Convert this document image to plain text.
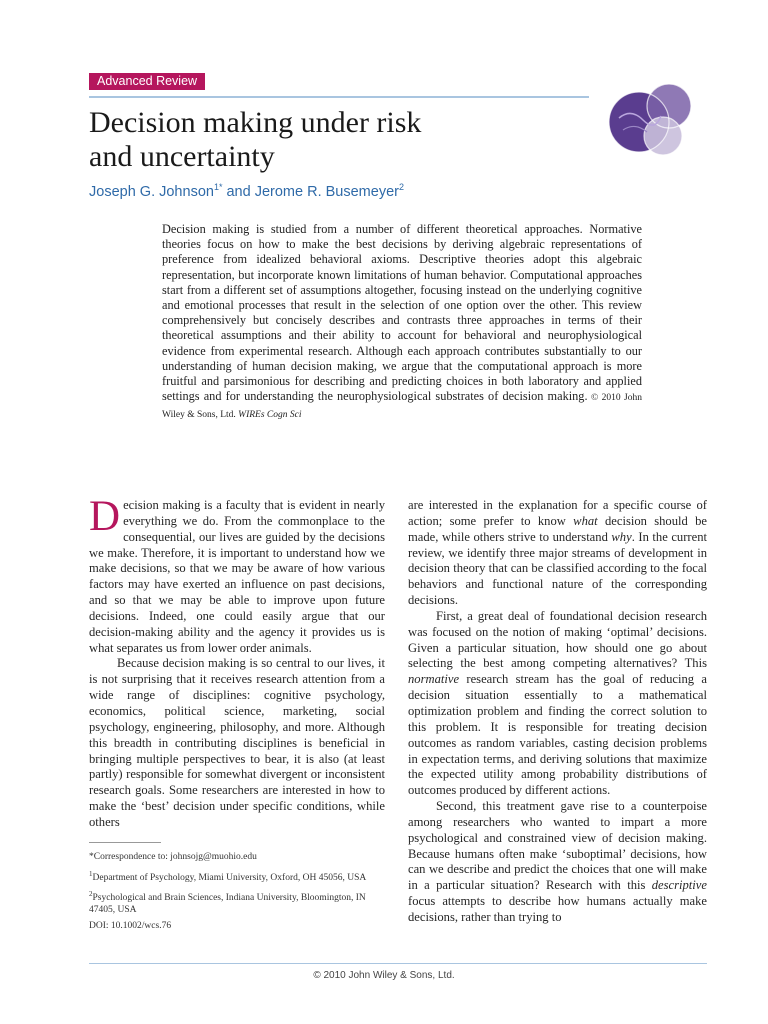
Advanced Review
Decision making under risk
and uncertainty
Joseph G. Johnson$^{1*}$ and Jerome R. Busemeyer$^2$

Decision making is studied from a number of different theoretical approaches. Normative theories focus on how to make the best decisions by deriving algebraic representations of preference from idealized behavioral axioms. Descriptive theories adopt this algebraic representation, but incorporate known limitations of human behavior. Computational approaches start from a different set of assumptions altogether, focusing instead on the underlying cognitive and emotional processes that result in the selection of one option over the other. This review comprehensively but concisely describes and contrasts three approaches in terms of their theoretical assumptions and their ability to account for behavioral and neurophysiological evidence from experimental research. Although each approach contributes substantially to our understanding of human decision making, we argue that the computational approach is more fruitful and parsimonious for describing and predicting choices in both laboratory and applied settings and for understanding the neurophysiological substrates of decision making. © 2010 John Wiley & Sons, Ltd. WIREs Cogn Sci

Decision making is a faculty that is evident in nearly everything we do. From the commonplace to the consequential, our lives are guided by the decisions we make. Therefore, it is important to understand how we make decisions, so that we may be aware of how various factors may have exerted an influence on past decisions, and so that we may be able to improve upon future decisions. Indeed, one could easily argue that our decision-making ability and the agency it provides us is what separates us from lower order animals.

Because decision making is so central to our lives, it is not surprising that it receives research attention from a wide range of disciplines: cognitive psychology, economics, political science, marketing, social psychology, engineering, philosophy, and more. Although this breadth in contributing disciplines is beneficial in bringing multiple perspectives to bear, it is also (at least partly) responsible for somewhat divergent or inconsistent research goals. Some researchers are interested in how to make the ‘best’ decision under specific conditions, while others

are interested in the explanation for a specific course of action; some prefer to know what decision should be made, while others strive to understand why. In the current review, we identify three major streams of development in decision theory that can be classified according to the focal behaviors and functional nature of the corresponding decisions.

First, a great deal of foundational decision research was focused on the notion of making ‘optimal’ decisions. Given a particular situation, how should one go about selecting the best among competing alternatives? This normative research stream has the goal of reducing a decision situation essentially to a mathematical optimization problem and finding the correct solution to this problem. It is responsible for treating decision outcomes as random variables, casting decision problems in expectation terms, and deriving solutions that maximize the expected utility among probability distributions of outcomes produced by different actions.

Second, this treatment gave rise to a counterpoise among researchers who wanted to impart a more psychological and constrained view of decision making. Because humans often make ‘suboptimal’ decisions, how can we describe and predict the choices that one will make in a particular situation? Research with this descriptive focus attempts to describe how humans actually make decisions, rather than trying to

*Correspondence to: johnsojg@muohio.edu

$^1$Department of Psychology, Miami University, Oxford, OH 45056, USA

$^2$Psychological and Brain Sciences, Indiana University, Bloomington, IN 47405, USA

DOI: 10.1002/wcs.76

© 2010 John Wiley & Sons, Ltd.
